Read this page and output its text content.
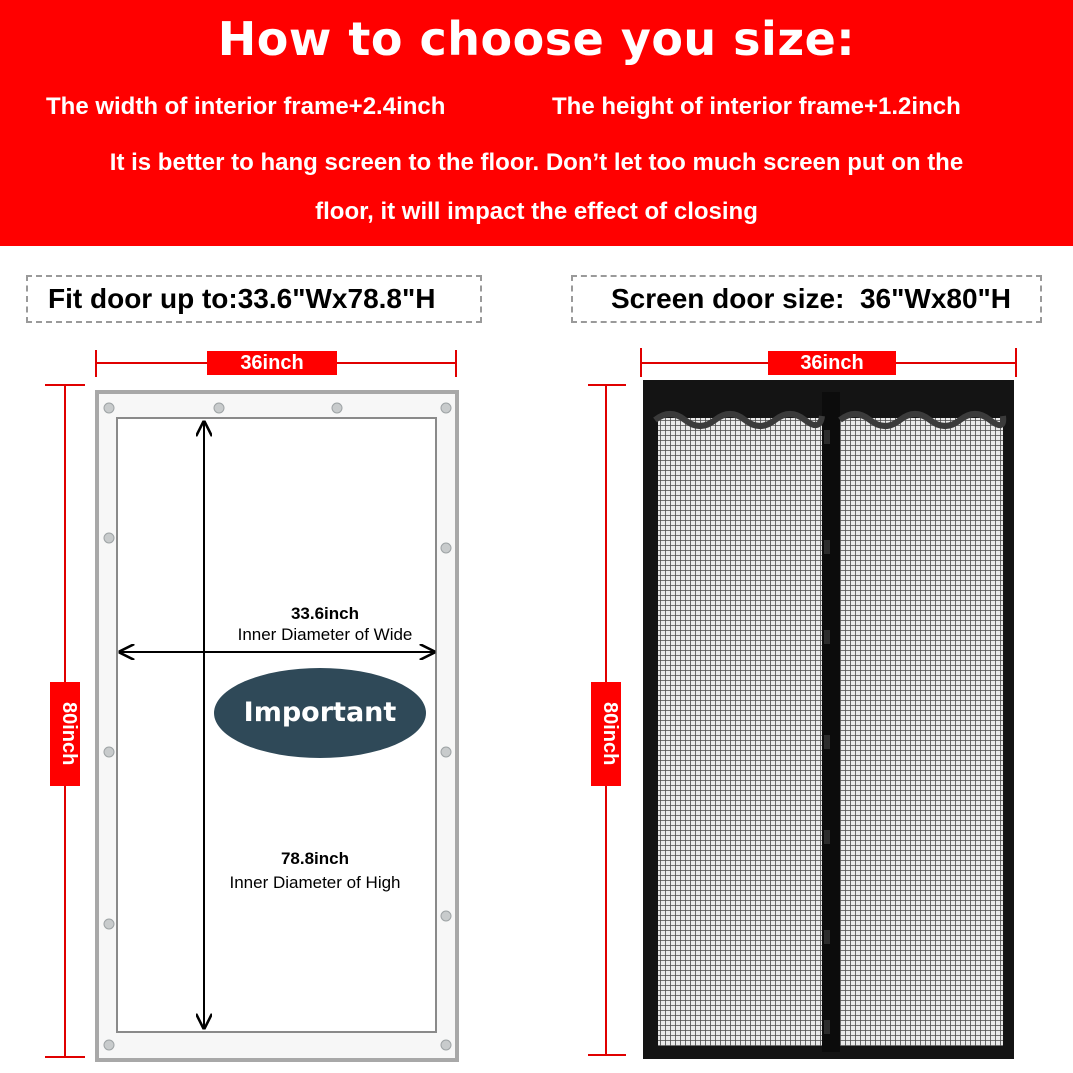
How to choose you size:
The width of interior frame+2.4inch	The height of interior frame+1.2inch
It is better to hang screen to the floor. Don’t let too much screen put on the
floor, it will impact the effect of closing
Fit door up to:33.6"Wx78.8"H	Screen door size: 36"Wx80"H
36inch
80inch
36inch
80inch
33.6inch
Inner Diameter of Wide
78.8inch
Inner Diameter of High
Important
